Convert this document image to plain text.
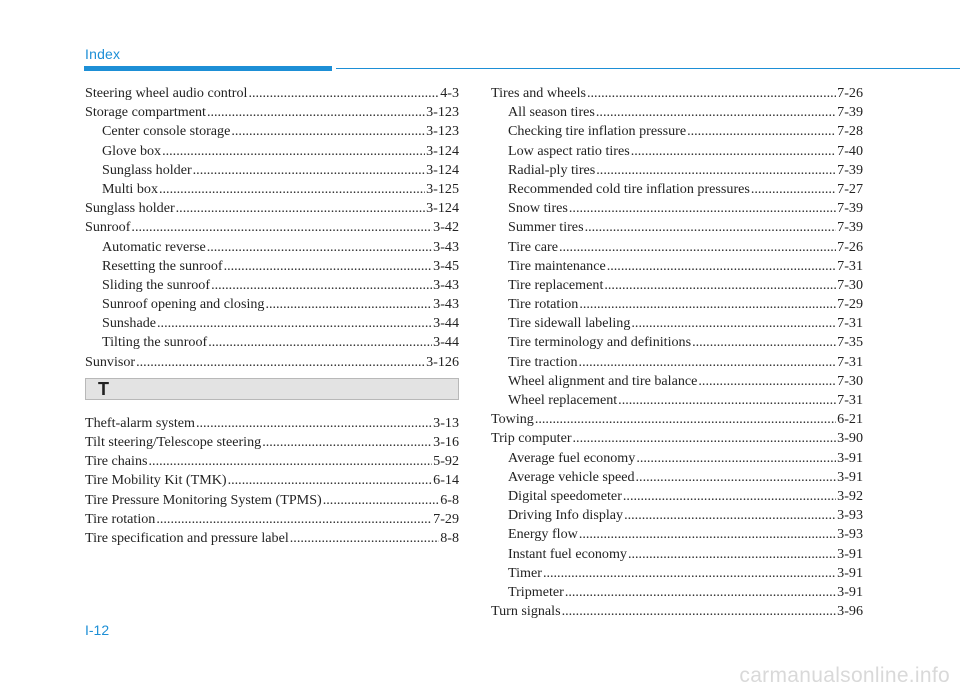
Index
Steering wheel audio control .....	4-3
Storage compartment .....	3-123
Center console storage .....	3-123
Glove box .....	3-124
Sunglass holder .....	3-124
Multi box .....	3-125
Sunglass holder .....	3-124
Sunroof .....	3-42
Automatic reverse .....	3-43
Resetting the sunroof .....	3-45
Sliding the sunroof .....	3-43
Sunroof opening and closing .....	3-43
Sunshade .....	3-44
Tilting the sunroof .....	3-44
Sunvisor .....	3-126
T
Theft-alarm system .....	3-13
Tilt steering/Telescope steering .....	3-16
Tire chains .....	5-92
Tire Mobility Kit (TMK) .....	6-14
Tire Pressure Monitoring System (TPMS) .....	6-8
Tire rotation .....	7-29
Tire specification and pressure label .....	8-8
Tires and wheels .....	7-26
All season tires .....	7-39
Checking tire inflation pressure .....	7-28
Low aspect ratio tires .....	7-40
Radial-ply tires .....	7-39
Recommended cold tire inflation pressures .....	7-27
Snow tires .....	7-39
Summer tires .....	7-39
Tire care .....	7-26
Tire maintenance .....	7-31
Tire replacement .....	7-30
Tire rotation .....	7-29
Tire sidewall labeling .....	7-31
Tire terminology and definitions .....	7-35
Tire traction .....	7-31
Wheel alignment and tire balance .....	7-30
Wheel replacement .....	7-31
Towing .....	6-21
Trip computer .....	3-90
Average fuel economy .....	3-91
Average vehicle speed .....	3-91
Digital speedometer .....	3-92
Driving Info display .....	3-93
Energy flow .....	3-93
Instant fuel economy .....	3-91
Timer .....	3-91
Tripmeter .....	3-91
Turn signals .....	3-96
I-12
carmanualsonline.info
